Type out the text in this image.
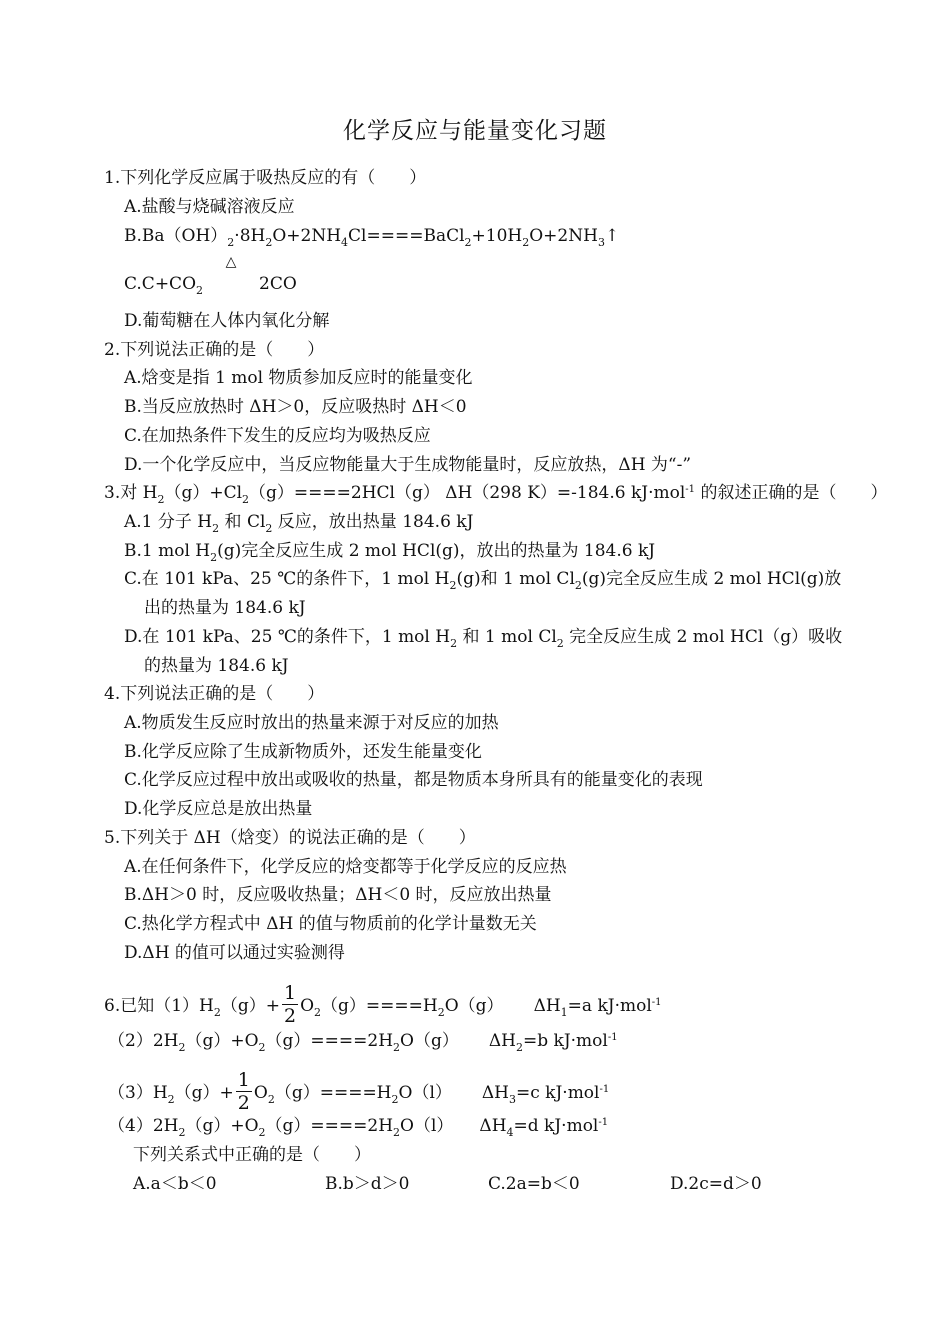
化学反应与能量变化习题
1.下列化学反应属于吸热反应的有（　　）
A.盐酸与烧碱溶液反应
$B.Ba(OH)_2\cdot 8H_2O+2NH_4Cl====BaCl_2+10H_2O+2NH_3↑$
$C.C+CO_2$
△
2CO
D.葡萄糖在人体内氧化分解
2.下列说法正确的是（　　）
A.焓变是指 1 mol 物质参加反应时的能量变化
B.当反应放热时 ΔH＞0，反应吸热时 ΔH＜0
C.在加热条件下发生的反应均为吸热反应
D.一个化学反应中，当反应物能量大于生成物能量时，反应放热，ΔH 为“-”
3.对 $H_2(g)+Cl_2(g)====2HCl(g)$ ΔH（298 K）=-184.6 kJ·mol$^{-1}$ 的叙述正确的是（　　）
A.1 分子 $H_2$ 和 $Cl_2$ 反应，放出热量 184.6 kJ
B.1 mol $H_2(g)$完全反应生成 2 mol HCl(g)，放出的热量为 184.6 kJ
C.在 101 kPa、25 ℃的条件下，1 mol $H_2(g)$和 1 mol $Cl_2(g)$完全反应生成 2 mol HCl(g)放
出的热量为 184.6 kJ
D.在 101 kPa、25 ℃的条件下，1 mol $H_2$ 和 1 mol $Cl_2$ 完全反应生成 2 mol HCl（g）吸收
的热量为 184.6 kJ
4.下列说法正确的是（　　）
A.物质发生反应时放出的热量来源于对反应的加热
B.化学反应除了生成新物质外，还发生能量变化
C.化学反应过程中放出或吸收的热量，都是物质本身所具有的能量变化的表现
D.化学反应总是放出热量
5.下列关于 ΔH（焓变）的说法正确的是（　　）
A.在任何条件下，化学反应的焓变都等于化学反应的反应热
B.ΔH＞0 时，反应吸收热量；ΔH＜0 时，反应放出热量
C.热化学方程式中 ΔH 的值与物质前的化学计量数无关
D.ΔH 的值可以通过实验测得
6.已知$(1)H_2(g)+ \frac{1}{2} O_2(g)====H_2O(g)$ $\Delta H_1=a$ kJ·mol$^{-1}$
$(2)2H_2(g)+O_2(g)====2H_2O(g)$ $\Delta H_2=b$ kJ·mol$^{-1}$
$(3)H_2(g)+ \frac{1}{2} O_2(g)====H_2O(l)$ $\Delta H_3=c$ kJ·mol$^{-1}$
$(4)2H_2(g)+O_2(g)====2H_2O(l)$ $\Delta H_4=d$ kJ·mol$^{-1}$
下列关系式中正确的是（　　）
A.a＜b＜0	B.b＞d＞0	C.2a=b＜0	D.2c=d＞0
